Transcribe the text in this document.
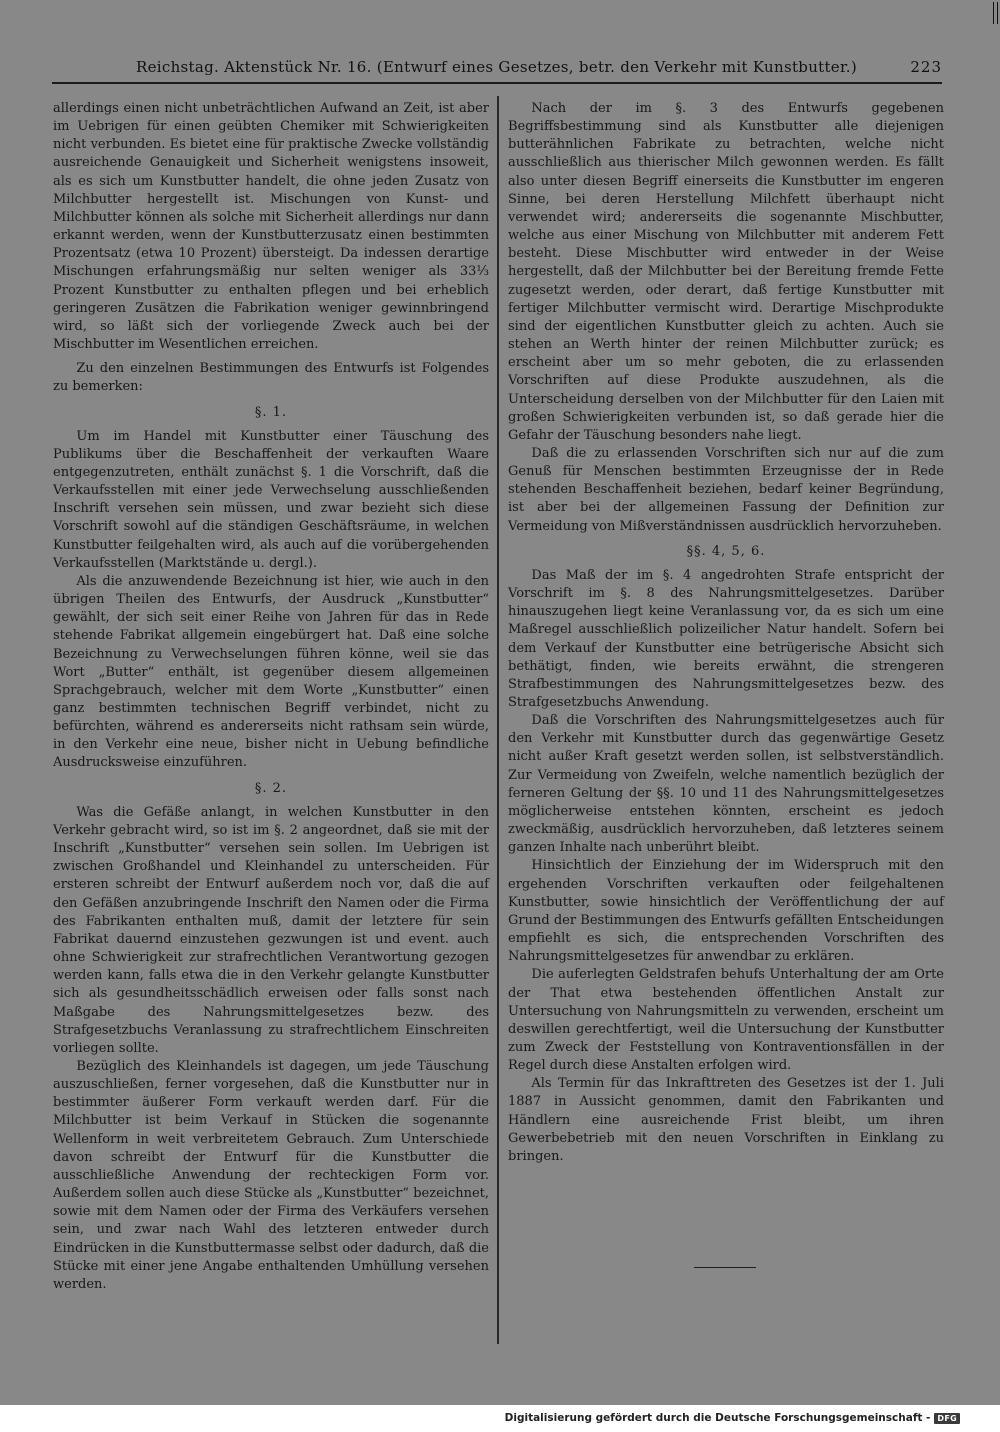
Reichstag. Aktenstück Nr. 16. (Entwurf eines Gesetzes, betr. den Verkehr mit Kunstbutter.)	223

allerdings einen nicht unbeträchtlichen Aufwand an Zeit, ist aber im Uebrigen für einen geübten Chemiker mit Schwierigkeiten nicht verbunden. Es bietet eine für praktische Zwecke vollständig ausreichende Genauigkeit und Sicherheit wenigstens insoweit, als es sich um Kunstbutter handelt, die ohne jeden Zusatz von Milchbutter hergestellt ist. Mischungen von Kunst- und Milchbutter können als solche mit Sicherheit allerdings nur dann erkannt werden, wenn der Kunstbutterzusatz einen bestimmten Prozentsatz (etwa 10 Prozent) übersteigt. Da indessen derartige Mischungen erfahrungsmäßig nur selten weniger als 33⅓ Prozent Kunstbutter zu enthalten pflegen und bei erheblich geringeren Zusätzen die Fabrikation weniger gewinnbringend wird, so läßt sich der vorliegende Zweck auch bei der Mischbutter im Wesentlichen erreichen.

Zu den einzelnen Bestimmungen des Entwurfs ist Folgendes zu bemerken:

§. 1.

Um im Handel mit Kunstbutter einer Täuschung des Publikums über die Beschaffenheit der verkauften Waare entgegenzutreten, enthält zunächst §. 1 die Vorschrift, daß die Verkaufsstellen mit einer jede Verwechselung ausschließenden Inschrift versehen sein müssen, und zwar bezieht sich diese Vorschrift sowohl auf die ständigen Geschäftsräume, in welchen Kunstbutter feilgehalten wird, als auch auf die vorübergehenden Verkaufsstellen (Marktstände u. dergl.).

Als die anzuwendende Bezeichnung ist hier, wie auch in den übrigen Theilen des Entwurfs, der Ausdruck „Kunstbutter“ gewählt, der sich seit einer Reihe von Jahren für das in Rede stehende Fabrikat allgemein eingebürgert hat. Daß eine solche Bezeichnung zu Verwechselungen führen könne, weil sie das Wort „Butter“ enthält, ist gegenüber diesem allgemeinen Sprachgebrauch, welcher mit dem Worte „Kunstbutter“ einen ganz bestimmten technischen Begriff verbindet, nicht zu befürchten, während es andererseits nicht rathsam sein würde, in den Verkehr eine neue, bisher nicht in Uebung befindliche Ausdrucksweise einzuführen.

§. 2.

Was die Gefäße anlangt, in welchen Kunstbutter in den Verkehr gebracht wird, so ist im §. 2 angeordnet, daß sie mit der Inschrift „Kunstbutter“ versehen sein sollen. Im Uebrigen ist zwischen Großhandel und Kleinhandel zu unterscheiden. Für ersteren schreibt der Entwurf außerdem noch vor, daß die auf den Gefäßen anzubringende Inschrift den Namen oder die Firma des Fabrikanten enthalten muß, damit der letztere für sein Fabrikat dauernd einzustehen gezwungen ist und event. auch ohne Schwierigkeit zur strafrechtlichen Verantwortung gezogen werden kann, falls etwa die in den Verkehr gelangte Kunstbutter sich als gesundheitsschädlich erweisen oder falls sonst nach Maßgabe des Nahrungsmittelgesetzes bezw. des Strafgesetzbuchs Veranlassung zu strafrechtlichem Einschreiten vorliegen sollte.

Bezüglich des Kleinhandels ist dagegen, um jede Täuschung auszuschließen, ferner vorgesehen, daß die Kunstbutter nur in bestimmter äußerer Form verkauft werden darf. Für die Milchbutter ist beim Verkauf in Stücken die sogenannte Wellenform in weit verbreitetem Gebrauch. Zum Unterschiede davon schreibt der Entwurf für die Kunstbutter die ausschließliche Anwendung der rechteckigen Form vor. Außerdem sollen auch diese Stücke als „Kunstbutter“ bezeichnet, sowie mit dem Namen oder der Firma des Verkäufers versehen sein, und zwar nach Wahl des letzteren entweder durch Eindrücken in die Kunstbuttermasse selbst oder dadurch, daß die Stücke mit einer jene Angabe enthaltenden Umhüllung versehen werden.

Nach der im §. 3 des Entwurfs gegebenen Begriffsbestimmung sind als Kunstbutter alle diejenigen butterähnlichen Fabrikate zu betrachten, welche nicht ausschließlich aus thierischer Milch gewonnen werden. Es fällt also unter diesen Begriff einerseits die Kunstbutter im engeren Sinne, bei deren Herstellung Milchfett überhaupt nicht verwendet wird; andererseits die sogenannte Mischbutter, welche aus einer Mischung von Milchbutter mit anderem Fett besteht. Diese Mischbutter wird entweder in der Weise hergestellt, daß der Milchbutter bei der Bereitung fremde Fette zugesetzt werden, oder derart, daß fertige Kunstbutter mit fertiger Milchbutter vermischt wird. Derartige Mischprodukte sind der eigentlichen Kunstbutter gleich zu achten. Auch sie stehen an Werth hinter der reinen Milchbutter zurück; es erscheint aber um so mehr geboten, die zu erlassenden Vorschriften auf diese Produkte auszudehnen, als die Unterscheidung derselben von der Milchbutter für den Laien mit großen Schwierigkeiten verbunden ist, so daß gerade hier die Gefahr der Täuschung besonders nahe liegt.

Daß die zu erlassenden Vorschriften sich nur auf die zum Genuß für Menschen bestimmten Erzeugnisse der in Rede stehenden Beschaffenheit beziehen, bedarf keiner Begründung, ist aber bei der allgemeinen Fassung der Definition zur Vermeidung von Mißverständnissen ausdrücklich hervorzuheben.

§§. 4, 5, 6.

Das Maß der im §. 4 angedrohten Strafe entspricht der Vorschrift im §. 8 des Nahrungsmittelgesetzes. Darüber hinauszugehen liegt keine Veranlassung vor, da es sich um eine Maßregel ausschließlich polizeilicher Natur handelt. Sofern bei dem Verkauf der Kunstbutter eine betrügerische Absicht sich bethätigt, finden, wie bereits erwähnt, die strengeren Strafbestimmungen des Nahrungsmittelgesetzes bezw. des Strafgesetzbuchs Anwendung.

Daß die Vorschriften des Nahrungsmittelgesetzes auch für den Verkehr mit Kunstbutter durch das gegenwärtige Gesetz nicht außer Kraft gesetzt werden sollen, ist selbstverständlich. Zur Vermeidung von Zweifeln, welche namentlich bezüglich der ferneren Geltung der §§. 10 und 11 des Nahrungsmittelgesetzes möglicherweise entstehen könnten, erscheint es jedoch zweckmäßig, ausdrücklich hervorzuheben, daß letzteres seinem ganzen Inhalte nach unberührt bleibt.

Hinsichtlich der Einziehung der im Widerspruch mit den ergehenden Vorschriften verkauften oder feilgehaltenen Kunstbutter, sowie hinsichtlich der Veröffentlichung der auf Grund der Bestimmungen des Entwurfs gefällten Entscheidungen empfiehlt es sich, die entsprechenden Vorschriften des Nahrungsmittelgesetzes für anwendbar zu erklären.

Die auferlegten Geldstrafen behufs Unterhaltung der am Orte der That etwa bestehenden öffentlichen Anstalt zur Untersuchung von Nahrungsmitteln zu verwenden, erscheint um deswillen gerechtfertigt, weil die Untersuchung der Kunstbutter zum Zweck der Feststellung von Kontraventionsfällen in der Regel durch diese Anstalten erfolgen wird.

Als Termin für das Inkrafttreten des Gesetzes ist der 1. Juli 1887 in Aussicht genommen, damit den Fabrikanten und Händlern eine ausreichende Frist bleibt, um ihren Gewerbebetrieb mit den neuen Vorschriften in Einklang zu bringen.

Digitalisierung gefördert durch die Deutsche Forschungsgemeinschaft - DFG
